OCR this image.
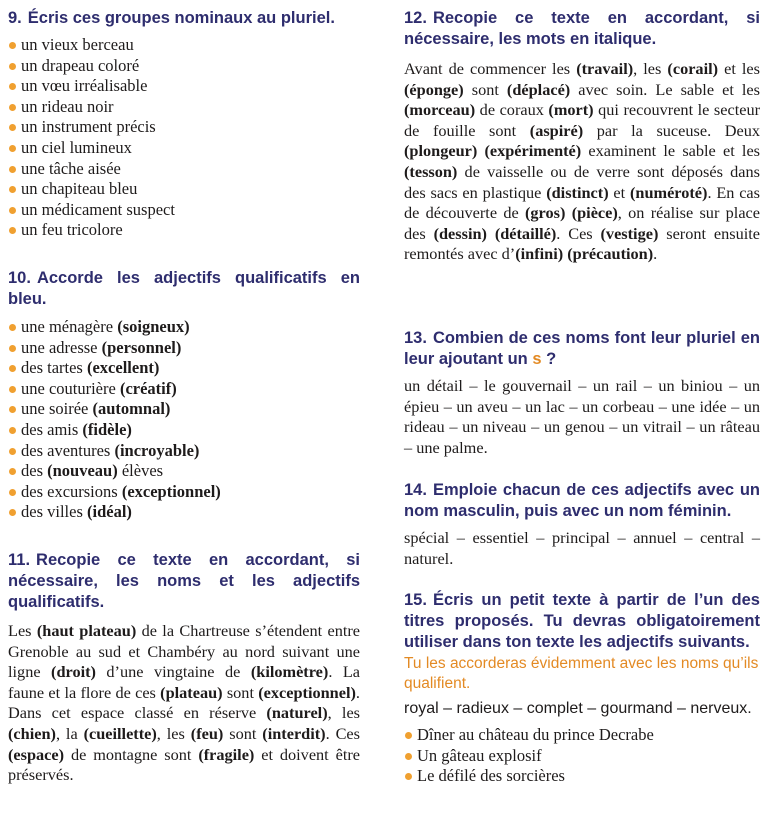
9. Écris ces groupes nominaux au pluriel.
un vieux berceau
un drapeau coloré
un vœu irréalisable
un rideau noir
un instrument précis
un ciel lumineux
une tâche aisée
un chapiteau bleu
un médicament suspect
un feu tricolore
10. Accorde les adjectifs qualificatifs en bleu.
une ménagère (soigneux)
une adresse (personnel)
des tartes (excellent)
une couturière (créatif)
une soirée (automnal)
des amis (fidèle)
des aventures (incroyable)
des (nouveau) élèves
des excursions (exceptionnel)
des villes (idéal)
11. Recopie ce texte en accordant, si nécessaire, les noms et les adjectifs qualificatifs.

Les (haut plateau) de la Chartreuse s’étendent entre Grenoble au sud et Chambéry au nord suivant une ligne (droit) d’une vingtaine de (kilomètre). La faune et la flore de ces (plateau) sont (exceptionnel). Dans cet espace classé en réserve (naturel), les (chien), la (cueillette), les (feu) sont (interdit). Ces (espace) de montagne sont (fragile) et doivent être préservés.

12. Recopie ce texte en accordant, si nécessaire, les mots en italique.

Avant de commencer les (travail), les (corail) et les (éponge) sont (déplacé) avec soin. Le sable et les (morceau) de coraux (mort) qui recouvrent le secteur de fouille sont (aspiré) par la suceuse. Deux (plongeur) (expérimenté) examinent le sable et les (tesson) de vaisselle ou de verre sont déposés dans des sacs en plastique (distinct) et (numéroté). En cas de découverte de (gros) (pièce), on réalise sur place des (dessin) (détaillé). Ces (vestige) seront ensuite remontés avec d’(infini) (précaution).

13. Combien de ces noms font leur pluriel en leur ajoutant un s ?

un détail – le gouvernail – un rail – un biniou – un épieu – un aveu – un lac – un corbeau – une idée – un rideau – un niveau – un genou – un vitrail – un râteau – une palme.

14. Emploie chacun de ces adjectifs avec un nom masculin, puis avec un nom féminin.

spécial – essentiel – principal – annuel – central – naturel.

15. Écris un petit texte à partir de l’un des titres proposés. Tu devras obligatoirement utiliser dans ton texte les adjectifs suivants.
Tu les accorderas évidemment avec les noms qu’ils qualifient.
royal – radieux – complet – gourmand – nerveux.
Dîner au château du prince Decrabe
Un gâteau explosif
Le défilé des sorcières
